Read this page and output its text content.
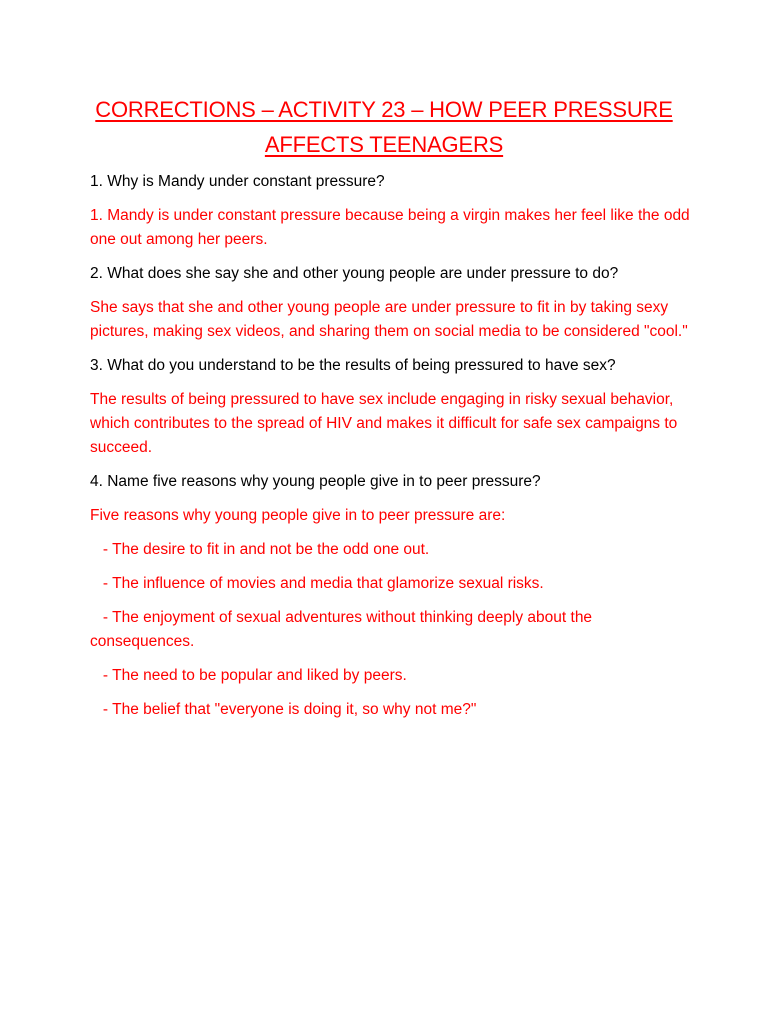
CORRECTIONS – ACTIVITY 23 – HOW PEER PRESSURE
AFFECTS TEENAGERS

1. Why is Mandy under constant pressure?

1. Mandy is under constant pressure because being a virgin makes her feel like the odd one out among her peers.

2. What does she say she and other young people are under pressure to do?

She says that she and other young people are under pressure to fit in by taking sexy pictures, making sex videos, and sharing them on social media to be considered "cool."

3. What do you understand to be the results of being pressured to have sex?

The results of being pressured to have sex include engaging in risky sexual behavior, which contributes to the spread of HIV and makes it difficult for safe sex campaigns to succeed.

4. Name five reasons why young people give in to peer pressure?

Five reasons why young people give in to peer pressure are:

- The desire to fit in and not be the odd one out.

- The influence of movies and media that glamorize sexual risks.

- The enjoyment of sexual adventures without thinking deeply about the consequences.

- The need to be popular and liked by peers.

- The belief that "everyone is doing it, so why not me?"
